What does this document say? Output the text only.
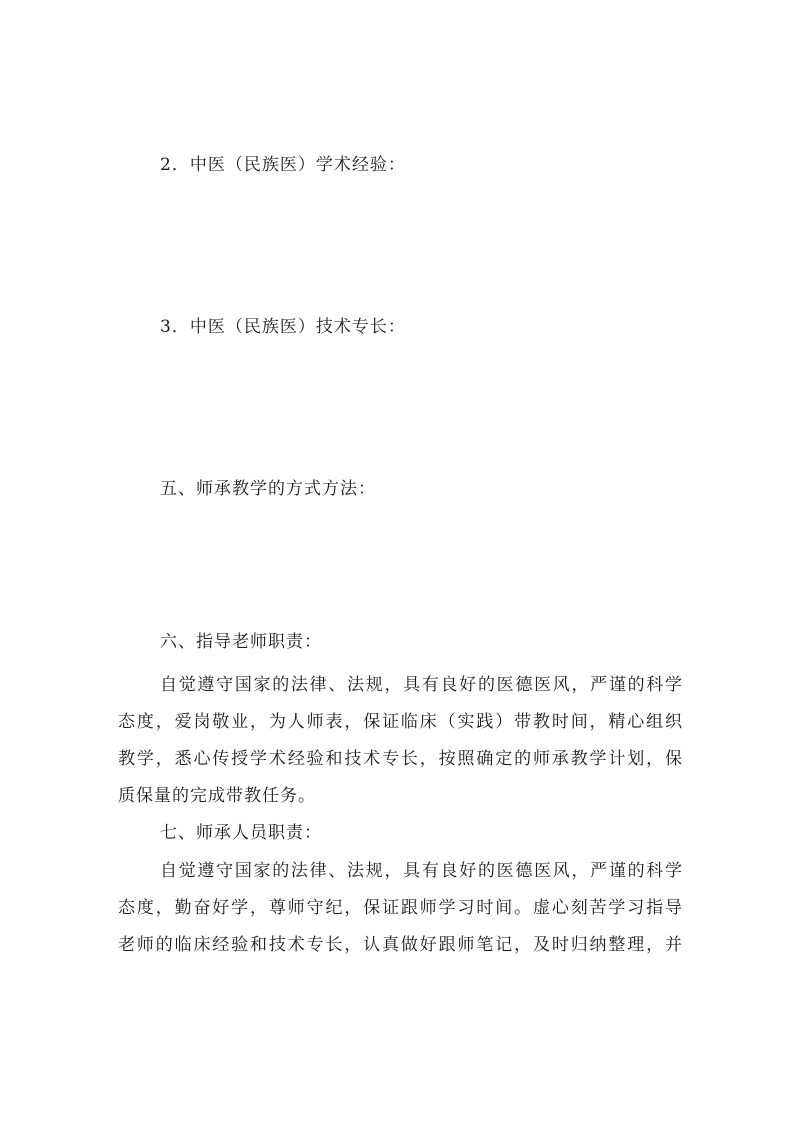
2．中医（民族医）学术经验：
3．中医（民族医）技术专长：
五、师承教学的方式方法：
六、指导老师职责：
自觉遵守国家的法律、法规，具有良好的医德医风，严谨的科学
态度，爱岗敬业，为人师表，保证临床（实践）带教时间，精心组织
教学，悉心传授学术经验和技术专长，按照确定的师承教学计划，保
质保量的完成带教任务。
七、师承人员职责：
自觉遵守国家的法律、法规，具有良好的医德医风，严谨的科学
态度，勤奋好学，尊师守纪，保证跟师学习时间。虚心刻苦学习指导
老师的临床经验和技术专长，认真做好跟师笔记，及时归纳整理，并
